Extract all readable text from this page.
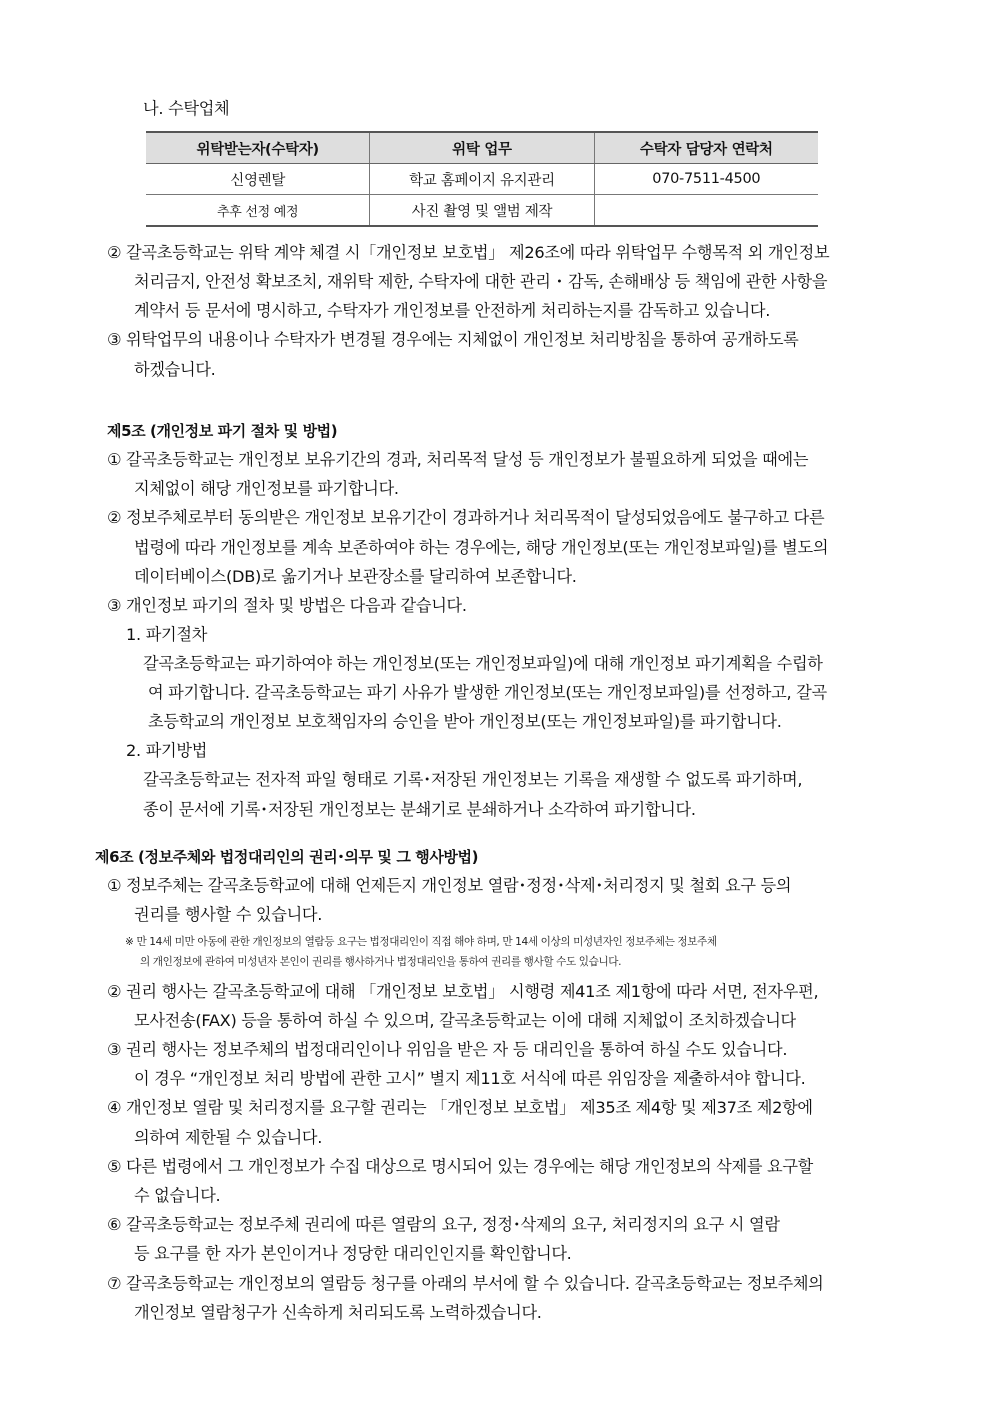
나. 수탁업체
위탁받는자(수탁자)	위탁 업무	수탁자 담당자 연락처
신영렌탈	학교 홈페이지 유지관리	070-7511-4500
추후 선정 예정	사진 촬영 및 앨범 제작	
② 갈곡초등학교는 위탁 계약 체결 시「개인정보 보호법」 제26조에 따라 위탁업무 수행목적 외 개인정보
처리금지, 안전성 확보조치, 재위탁 제한, 수탁자에 대한 관리 ･ 감독, 손해배상 등 책임에 관한 사항을
계약서 등 문서에 명시하고, 수탁자가 개인정보를 안전하게 처리하는지를 감독하고 있습니다.
③ 위탁업무의 내용이나 수탁자가 변경될 경우에는 지체없이 개인정보 처리방침을 통하여 공개하도록
하겠습니다.
제5조 (개인정보 파기 절차 및 방법)
① 갈곡초등학교는 개인정보 보유기간의 경과, 처리목적 달성 등 개인정보가 불필요하게 되었을 때에는
지체없이 해당 개인정보를 파기합니다.
② 정보주체로부터 동의받은 개인정보 보유기간이 경과하거나 처리목적이 달성되었음에도 불구하고 다른
법령에 따라 개인정보를 계속 보존하여야 하는 경우에는, 해당 개인정보(또는 개인정보파일)를 별도의
데이터베이스(DB)로 옮기거나 보관장소를 달리하여 보존합니다.
③ 개인정보 파기의 절차 및 방법은 다음과 같습니다.
1. 파기절차
갈곡초등학교는 파기하여야 하는 개인정보(또는 개인정보파일)에 대해 개인정보 파기계획을 수립하
여 파기합니다. 갈곡초등학교는 파기 사유가 발생한 개인정보(또는 개인정보파일)를 선정하고, 갈곡
초등학교의 개인정보 보호책임자의 승인을 받아 개인정보(또는 개인정보파일)를 파기합니다.
2. 파기방법
갈곡초등학교는 전자적 파일 형태로 기록･저장된 개인정보는 기록을 재생할 수 없도록 파기하며,
종이 문서에 기록･저장된 개인정보는 분쇄기로 분쇄하거나 소각하여 파기합니다.
제6조 (정보주체와 법정대리인의 권리･의무 및 그 행사방법)
① 정보주체는 갈곡초등학교에 대해 언제든지 개인정보 열람･정정･삭제･처리정지 및 철회 요구 등의
권리를 행사할 수 있습니다.
※ 만 14세 미만 아동에 관한 개인정보의 열람등 요구는 법정대리인이 직접 해야 하며, 만 14세 이상의 미성년자인 정보주체는 정보주체
의 개인정보에 관하여 미성년자 본인이 권리를 행사하거나 법정대리인을 통하여 권리를 행사할 수도 있습니다.
② 권리 행사는 갈곡초등학교에 대해 「개인정보 보호법」 시행령 제41조 제1항에 따라 서면, 전자우편,
모사전송(FAX) 등을 통하여 하실 수 있으며, 갈곡초등학교는 이에 대해 지체없이 조치하겠습니다
③ 권리 행사는 정보주체의 법정대리인이나 위임을 받은 자 등 대리인을 통하여 하실 수도 있습니다.
이 경우 “개인정보 처리 방법에 관한 고시” 별지 제11호 서식에 따른 위임장을 제출하셔야 합니다.
④ 개인정보 열람 및 처리정지를 요구할 권리는 「개인정보 보호법」 제35조 제4항 및 제37조 제2항에
의하여 제한될 수 있습니다.
⑤ 다른 법령에서 그 개인정보가 수집 대상으로 명시되어 있는 경우에는 해당 개인정보의 삭제를 요구할
수 없습니다.
⑥ 갈곡초등학교는 정보주체 권리에 따른 열람의 요구, 정정･삭제의 요구, 처리정지의 요구 시 열람
등 요구를 한 자가 본인이거나 정당한 대리인인지를 확인합니다.
⑦ 갈곡초등학교는 개인정보의 열람등 청구를 아래의 부서에 할 수 있습니다. 갈곡초등학교는 정보주체의
개인정보 열람청구가 신속하게 처리되도록 노력하겠습니다.
